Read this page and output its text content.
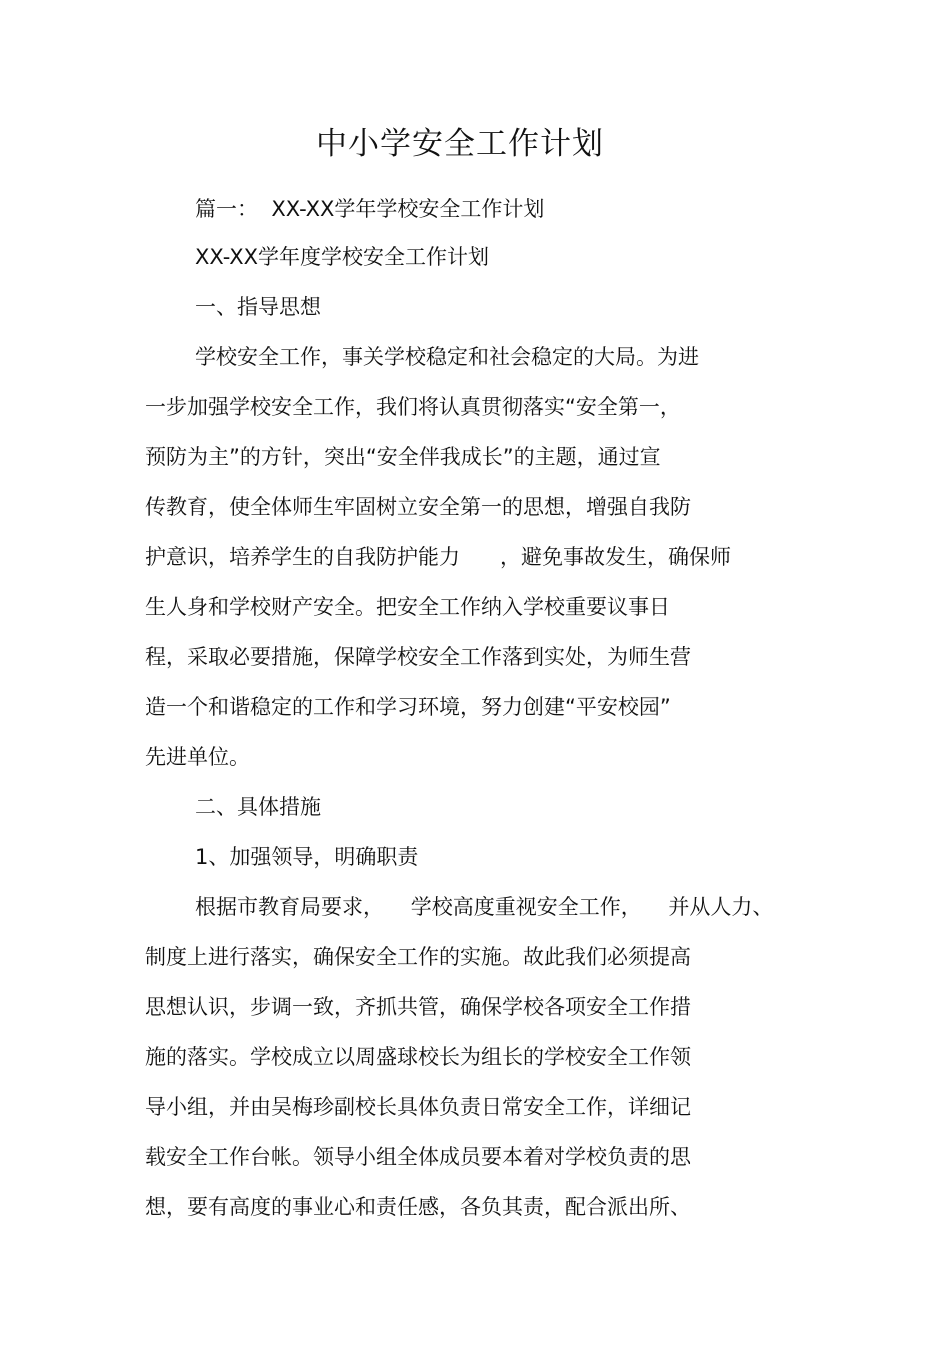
中小学安全工作计划
篇一：  XX-XX学年学校安全工作计划
XX-XX学年度学校安全工作计划
一、指导思想
学校安全工作，事关学校稳定和社会稳定的大局。为进
一步加强学校安全工作，我们将认真贯彻落实“安全第一，
预防为主”的方针，突出“安全伴我成长”的主题，通过宣
传教育，使全体师生牢固树立安全第一的思想，增强自我防
护意识，培养学生的自我防护能力      ，避免事故发生，确保师
生人身和学校财产安全。把安全工作纳入学校重要议事日
程，采取必要措施，保障学校安全工作落到实处，为师生营
造一个和谐稳定的工作和学习环境，努力创建“平安校园”
先进单位。
二、具体措施
1、加强领导，明确职责
根据市教育局要求，    学校高度重视安全工作，    并从人力、
制度上进行落实，确保安全工作的实施。故此我们必须提高
思想认识，步调一致，齐抓共管，确保学校各项安全工作措
施的落实。学校成立以周盛球校长为组长的学校安全工作领
导小组，并由吴梅珍副校长具体负责日常安全工作，详细记
载安全工作台帐。领导小组全体成员要本着对学校负责的思
想，要有高度的事业心和责任感，各负其责，配合派出所、
